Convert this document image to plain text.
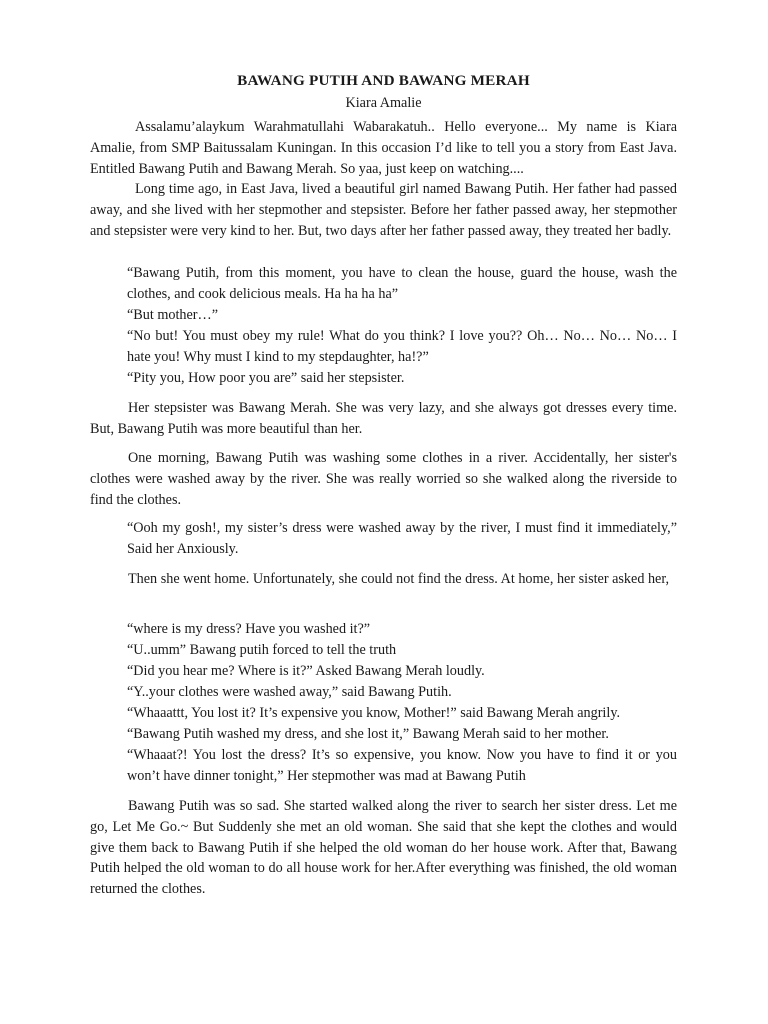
BAWANG PUTIH AND BAWANG MERAH
Kiara Amalie

Assalamu’alaykum Warahmatullahi Wabarakatuh.. Hello everyone... My name is Kiara Amalie, from SMP Baitussalam Kuningan. In this occasion I’d like to tell you a story from East Java. Entitled Bawang Putih and Bawang Merah. So yaa, just keep on watching....

Long time ago, in East Java, lived a beautiful girl named Bawang Putih. Her father had passed away, and she lived with her stepmother and stepsister. Before her father passed away, her stepmother and stepsister were very kind to her. But, two days after her father passed away, they treated her badly.

“Bawang Putih, from this moment, you have to clean the house, guard the house, wash the clothes, and cook delicious meals. Ha ha ha ha”

“But mother…”

“No but! You must obey my rule! What do you think? I love you?? Oh… No… No… No… I hate you! Why must I kind to my stepdaughter, ha!?”

“Pity you, How poor you are” said her stepsister.

Her stepsister was Bawang Merah. She was very lazy, and she always got dresses every time. But, Bawang Putih was more beautiful than her.

One morning, Bawang Putih was washing some clothes in a river. Accidentally, her sister's clothes were washed away by the river. She was really worried so she walked along the riverside to find the clothes.

“Ooh my gosh!, my sister’s dress were washed away by the river, I must find it immediately,” Said her Anxiously.

Then she went home. Unfortunately, she could not find the dress. At home, her sister asked her,

“where is my dress? Have you washed it?”

“U..umm” Bawang putih forced to tell the truth

“Did you hear me? Where is it?” Asked Bawang Merah loudly.

“Y..your clothes were washed away,” said Bawang Putih.

“Whaaattt, You lost it? It’s expensive you know, Mother!” said Bawang Merah angrily.

“Bawang Putih washed my dress, and she lost it,” Bawang Merah said to her mother.

“Whaaat?! You lost the dress? It’s so expensive, you know. Now you have to find it or you won’t have dinner tonight,” Her stepmother was mad at Bawang Putih

Bawang Putih was so sad. She started walked along the river to search her sister dress. Let me go, Let Me Go.~ But Suddenly she met an old woman. She said that she kept the clothes and would give them back to Bawang Putih if she helped the old woman do her house work. After that, Bawang Putih helped the old woman to do all house work for her.After everything was finished, the old woman returned the clothes.
